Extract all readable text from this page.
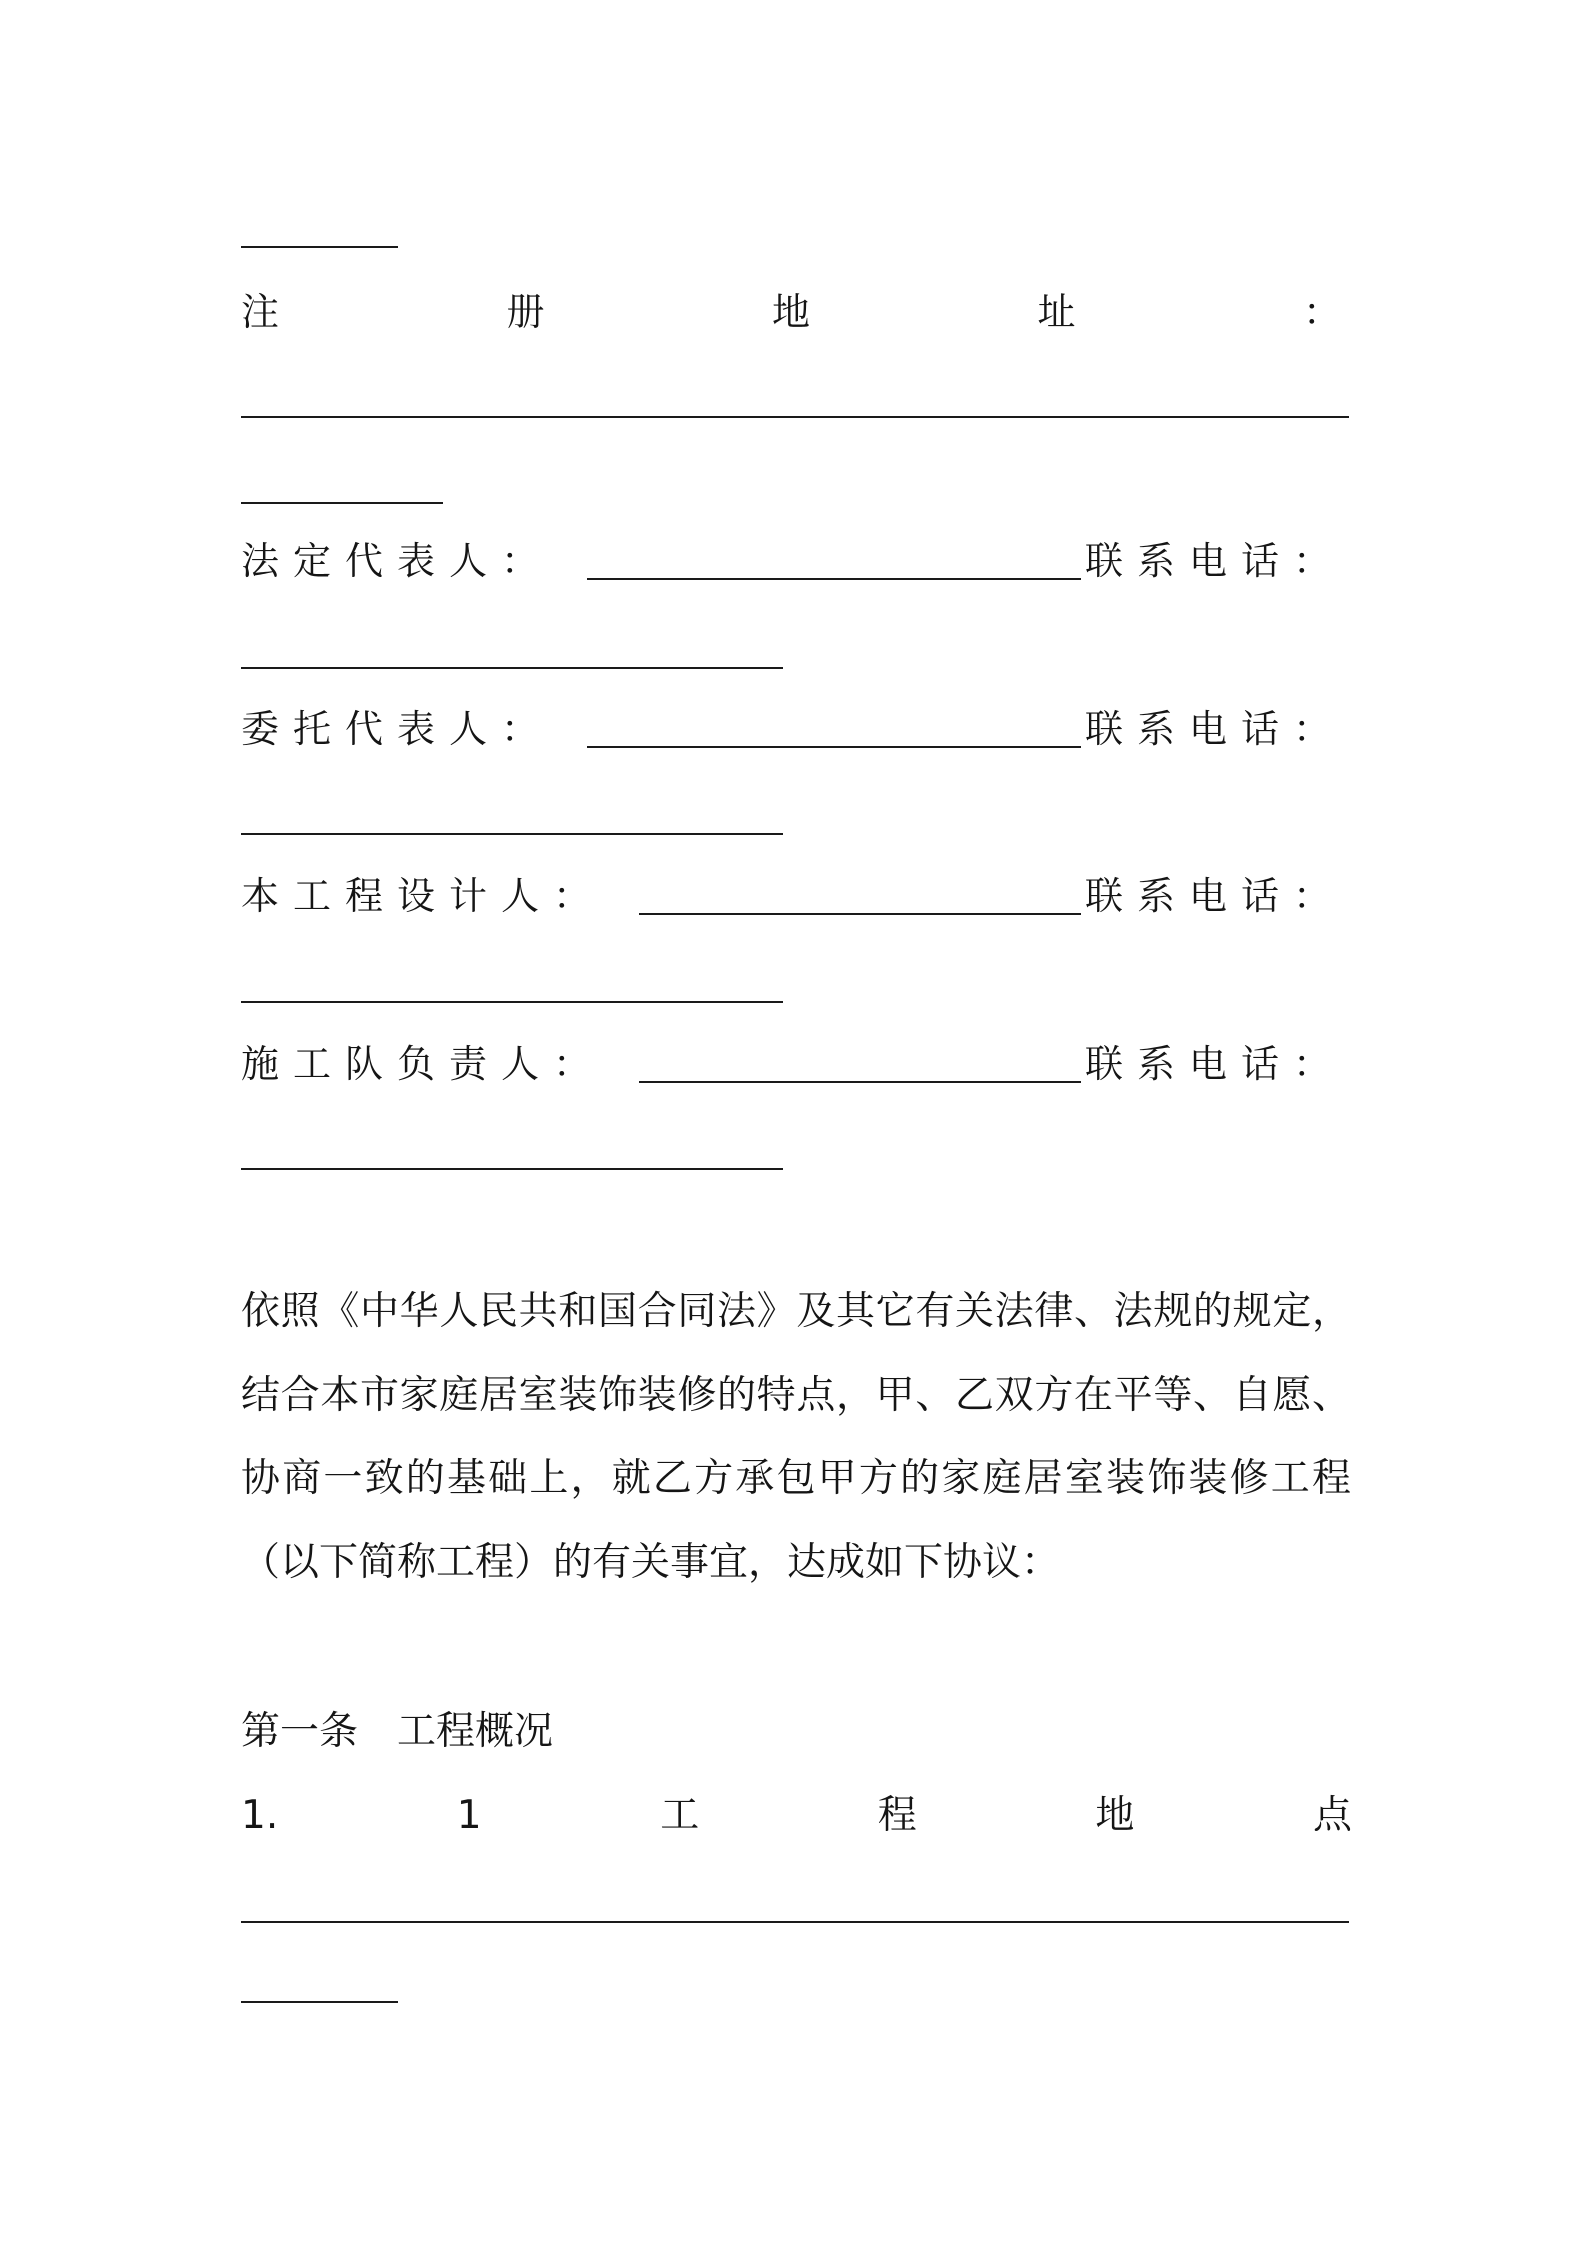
注	册	地	址	：
法定代表人：	联系电话：
委托代表人：	联系电话：
本工程设计人：	联系电话：
施工队负责人：	联系电话：
依照《中华人民共和国合同法》及其它有关法律、法规的规定，
结合本市家庭居室装饰装修的特点，甲、乙双方在平等、自愿、
协商一致的基础上，就乙方承包甲方的家庭居室装饰装修工程
（以下简称工程）的有关事宜，达成如下协议：
第一条　工程概况
1.	1	工	程	地	点
